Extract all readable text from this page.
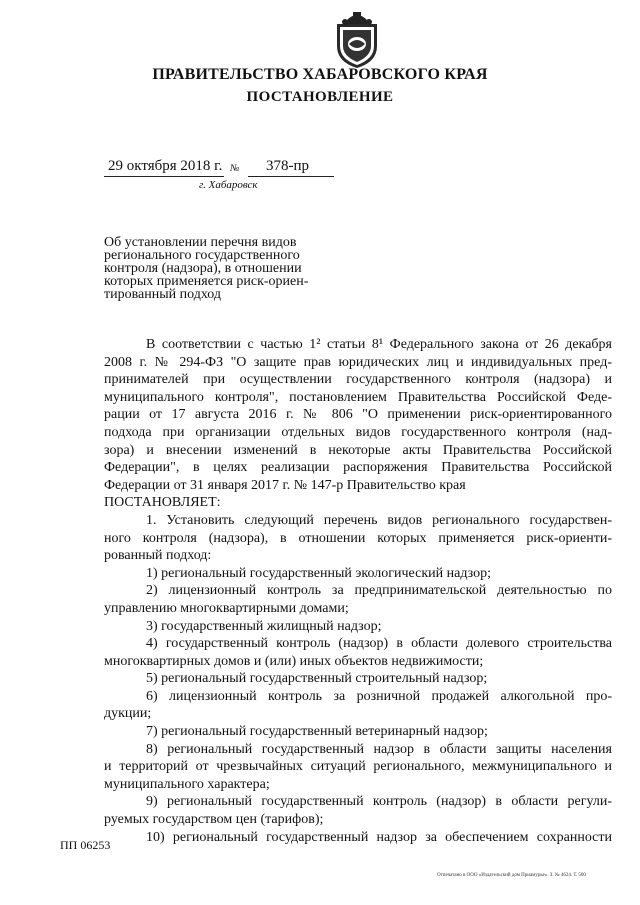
ПРАВИТЕЛЬСТВО ХАБАРОВСКОГО КРАЯ
ПОСТАНОВЛЕНИЕ
29 октября 2018 г. № 378-пр
г. Хабаровск
Об установлении перечня видов
регионального государственного
контроля (надзора), в отношении
которых применяется риск-ориен-
тированный подход
В соответствии с частью 1² статьи 8¹ Федерального закона от 26 декабря
2008 г. № 294-ФЗ "О защите прав юридических лиц и индивидуальных пред-
принимателей при осуществлении государственного контроля (надзора) и
муниципального контроля", постановлением Правительства Российской Феде-
рации от 17 августа 2016 г. № 806 "О применении риск-ориентированного
подхода при организации отдельных видов государственного контроля (над-
зора) и внесении изменений в некоторые акты Правительства Российской
Федерации", в целях реализации распоряжения Правительства Российской
Федерации от 31 января 2017 г. № 147-р Правительство края
ПОСТАНОВЛЯЕТ:
1. Установить следующий перечень видов регионального государствен-
ного контроля (надзора), в отношении которых применяется риск-ориенти-
рованный подход:
1) региональный государственный экологический надзор;
2) лицензионный контроль за предпринимательской деятельностью по
управлению многоквартирными домами;
3) государственный жилищный надзор;
4) государственный контроль (надзор) в области долевого строительства
многоквартирных домов и (или) иных объектов недвижимости;
5) региональный государственный строительный надзор;
6) лицензионный контроль за розничной продажей алкогольной про-
дукции;
7) региональный государственный ветеринарный надзор;
8) региональный государственный надзор в области защиты населения
и территорий от чрезвычайных ситуаций регионального, межмуниципального и
муниципального характера;
9) региональный государственный контроль (надзор) в области регули-
руемых государством цен (тарифов);
10) региональный государственный надзор за обеспечением сохранности
ПП 06253
Отпечатано в ООО «Издательский дом Приамурье». З. № 4624. Т. 500
